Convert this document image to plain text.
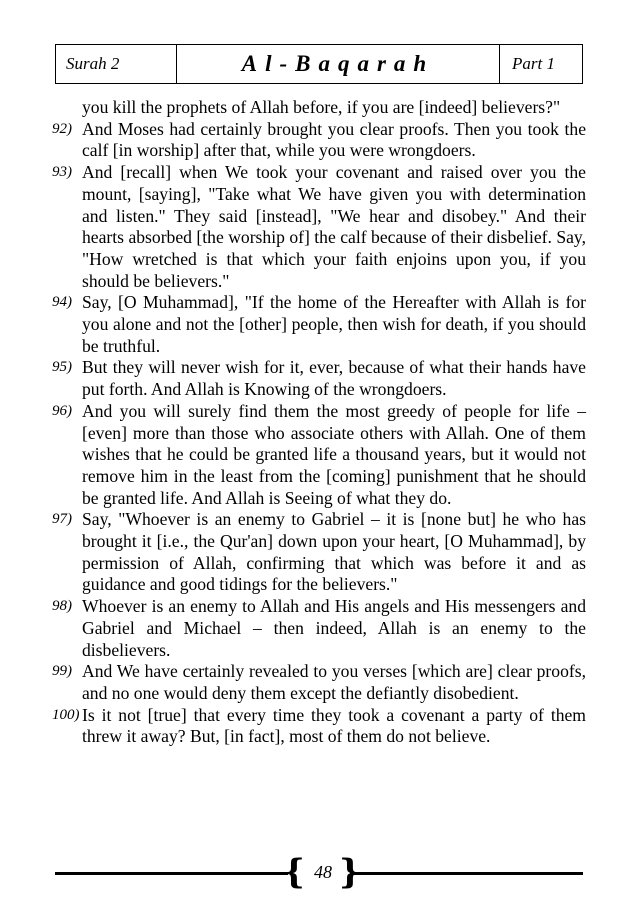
Surah 2	Al-Baqarah	Part 1
you kill the prophets of Allah before, if you are [indeed] believers?"
92) And Moses had certainly brought you clear proofs. Then you took the calf [in worship] after that, while you were wrongdoers.
93) And [recall] when We took your covenant and raised over you the mount, [saying], "Take what We have given you with determination and listen." They said [instead], "We hear and disobey." And their hearts absorbed [the worship of] the calf because of their disbelief. Say, "How wretched is that which your faith enjoins upon you, if you should be believers."
94) Say, [O Muhammad], "If the home of the Hereafter with Allah is for you alone and not the [other] people, then wish for death, if you should be truthful.
95) But they will never wish for it, ever, because of what their hands have put forth. And Allah is Knowing of the wrongdoers.
96) And you will surely find them the most greedy of people for life – [even] more than those who associate others with Allah. One of them wishes that he could be granted life a thousand years, but it would not remove him in the least from the [coming] punishment that he should be granted life. And Allah is Seeing of what they do.
97) Say, "Whoever is an enemy to Gabriel – it is [none but] he who has brought it [i.e., the Qur'an] down upon your heart, [O Muhammad], by permission of Allah, confirming that which was before it and as guidance and good tidings for the believers."
98) Whoever is an enemy to Allah and His angels and His messengers and Gabriel and Michael – then indeed, Allah is an enemy to the disbelievers.
99) And We have certainly revealed to you verses [which are] clear proofs, and no one would deny them except the defiantly disobedient.
100) Is it not [true] that every time they took a covenant a party of them threw it away? But, [in fact], most of them do not believe.
{ 48 }
